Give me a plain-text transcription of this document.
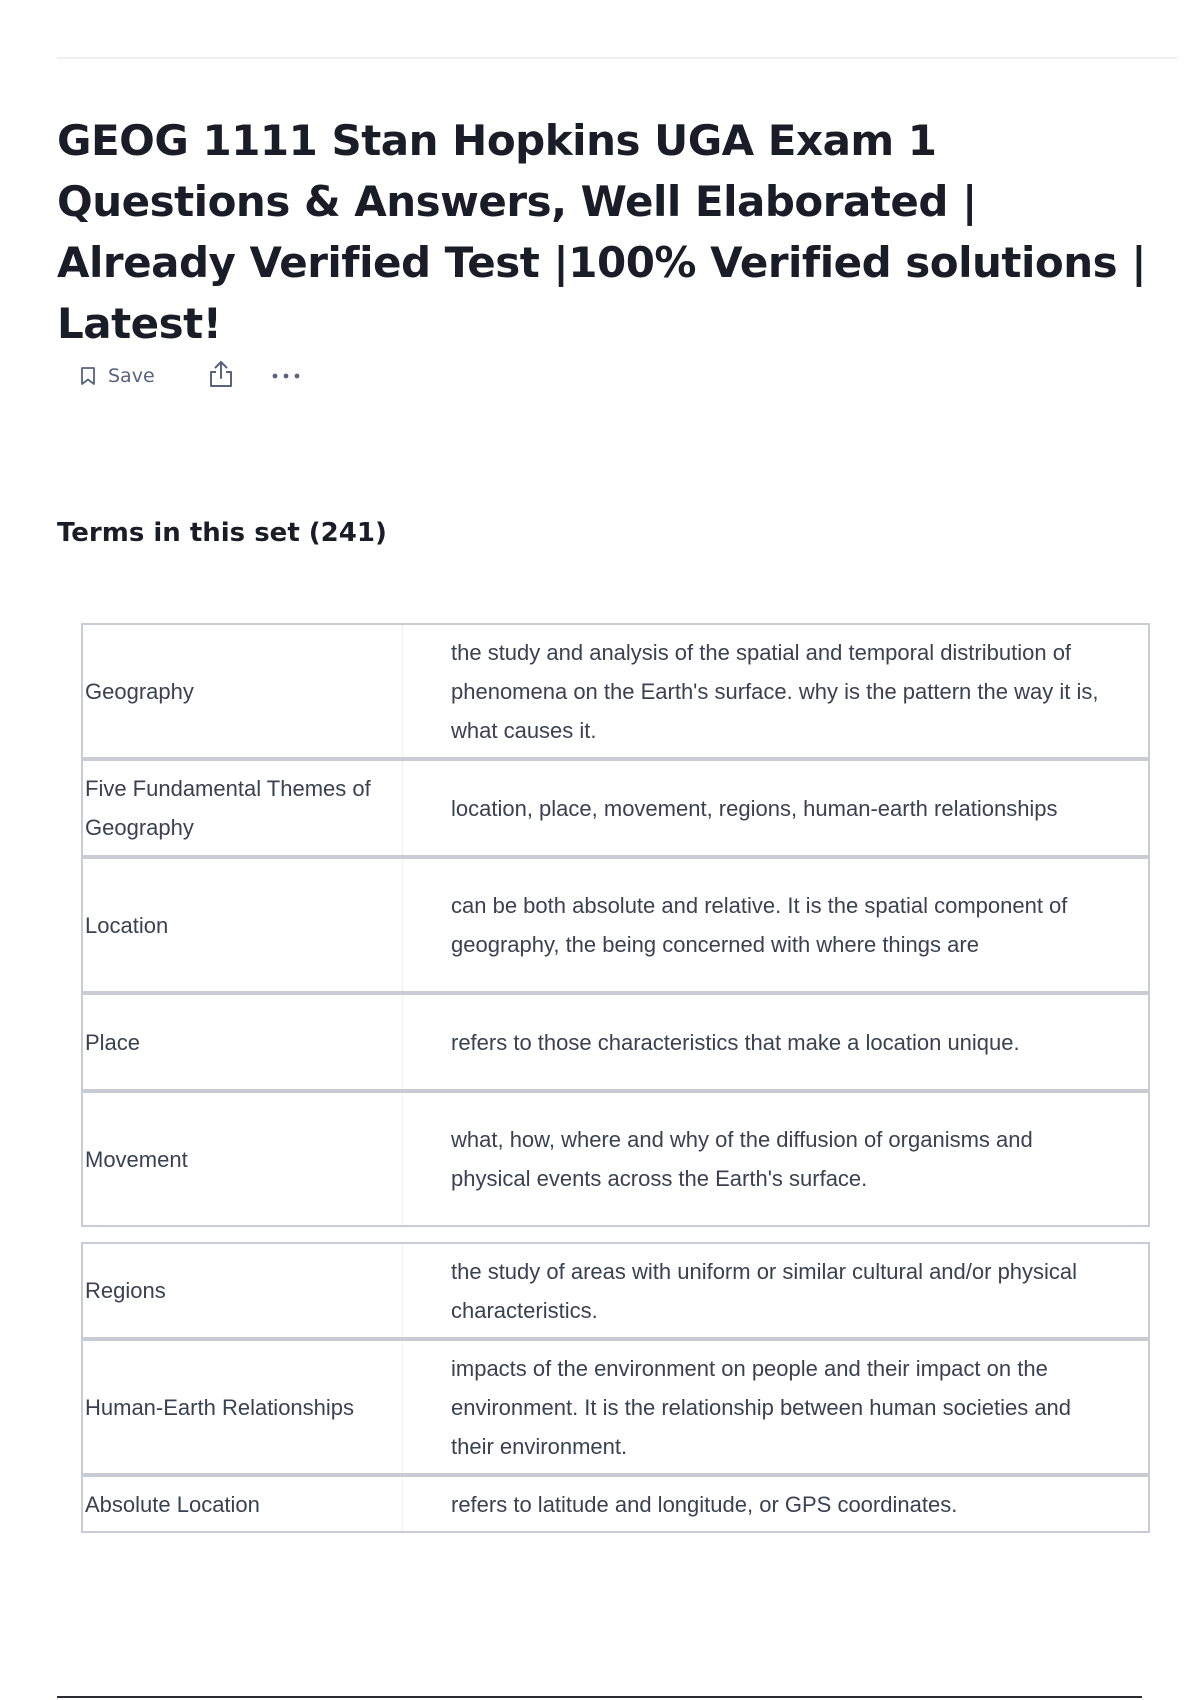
GEOG 1111 Stan Hopkins UGA Exam 1 Questions & Answers, Well Elaborated | Already Verified Test |100% Verified solutions | Latest!
Save
Terms in this set (241)
Geography
the study and analysis of the spatial and temporal distribution of phenomena on the Earth's surface. why is the pattern the way it is, what causes it.
Five Fundamental Themes of Geography
location, place, movement, regions, human-earth relationships
Location
can be both absolute and relative. It is the spatial component of geography, the being concerned with where things are
Place	refers to those characteristics that make a location unique.
Movement
what, how, where and why of the diffusion of organisms and physical events across the Earth's surface.
Regions
the study of areas with uniform or similar cultural and/or physical characteristics.
Human-Earth Relationships
impacts of the environment on people and their impact on the environment. It is the relationship between human societies and their environment.
Absolute Location	refers to latitude and longitude, or GPS coordinates.
